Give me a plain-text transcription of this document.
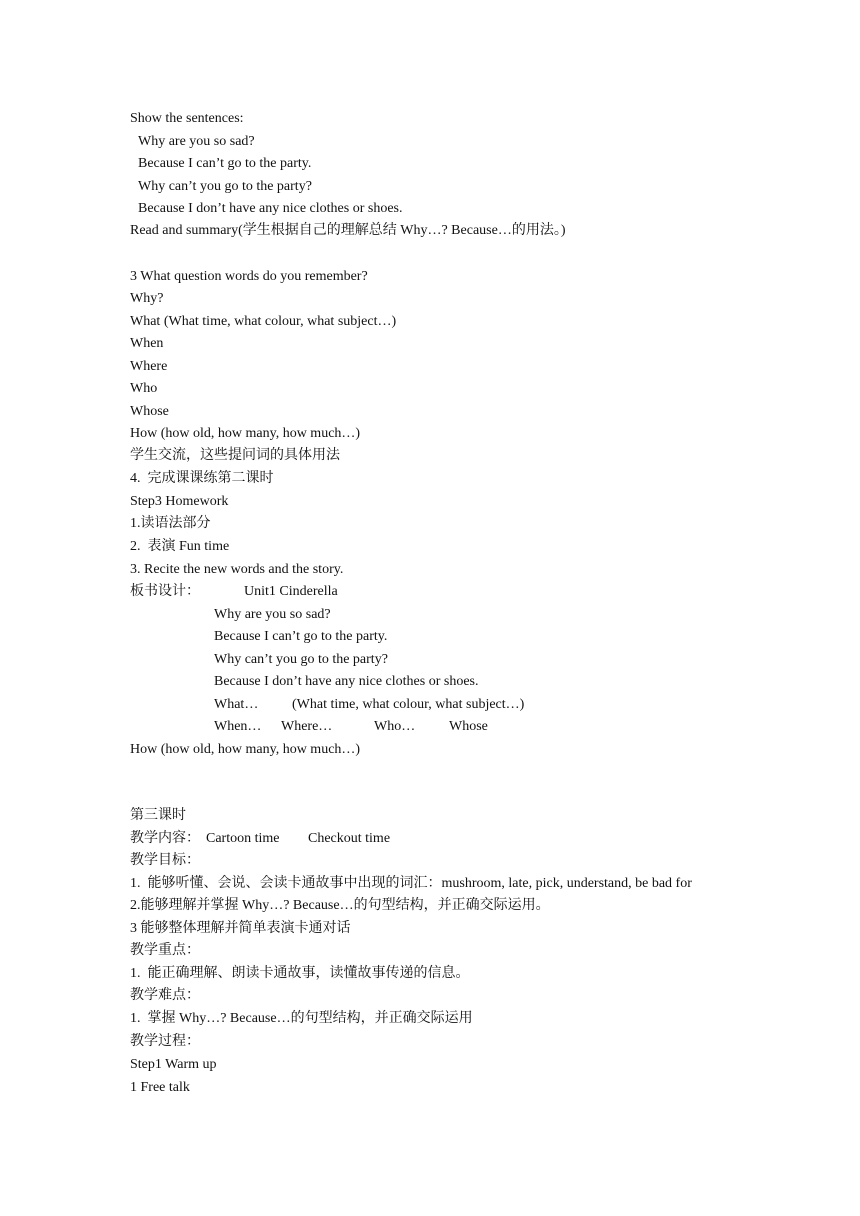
Show the sentences:
Why are you so sad?
Because I can’t go to the party.
Why can’t you go to the party?
Because I don’t have any nice clothes or shoes.
Read and summary(学生根据自己的理解总结 Why…? Because…的用法。)
3 What question words do you remember?
Why?
What (What time, what colour, what subject…)
When
Where
Who
Whose
How (how old, how many, how much…)
学生交流，这些提问词的具体用法
4.  完成课课练第二课时
Step3 Homework
1.读语法部分
2.  表演 Fun time
3. Recite the new words and the story.
板书设计：	Unit1 Cinderella
Why are you so sad?
Because I can’t go to the party.
Why can’t you go to the party?
Because I don’t have any nice clothes or shoes.
What… (What time, what colour, what subject…)
When… Where…	Who… Whose
How (how old, how many, how much…)
第三课时
教学内容： Cartoon time Checkout time
教学目标：
1.  能够听懂、会说、会读卡通故事中出现的词汇：mushroom, late, pick, understand, be bad for
2.能够理解并掌握 Why…? Because…的句型结构，并正确交际运用。
3 能够整体理解并简单表演卡通对话
教学重点：
1.  能正确理解、朗读卡通故事，读懂故事传递的信息。
教学难点：
1.  掌握 Why…? Because…的句型结构，并正确交际运用
教学过程：
Step1 Warm up
1 Free talk
